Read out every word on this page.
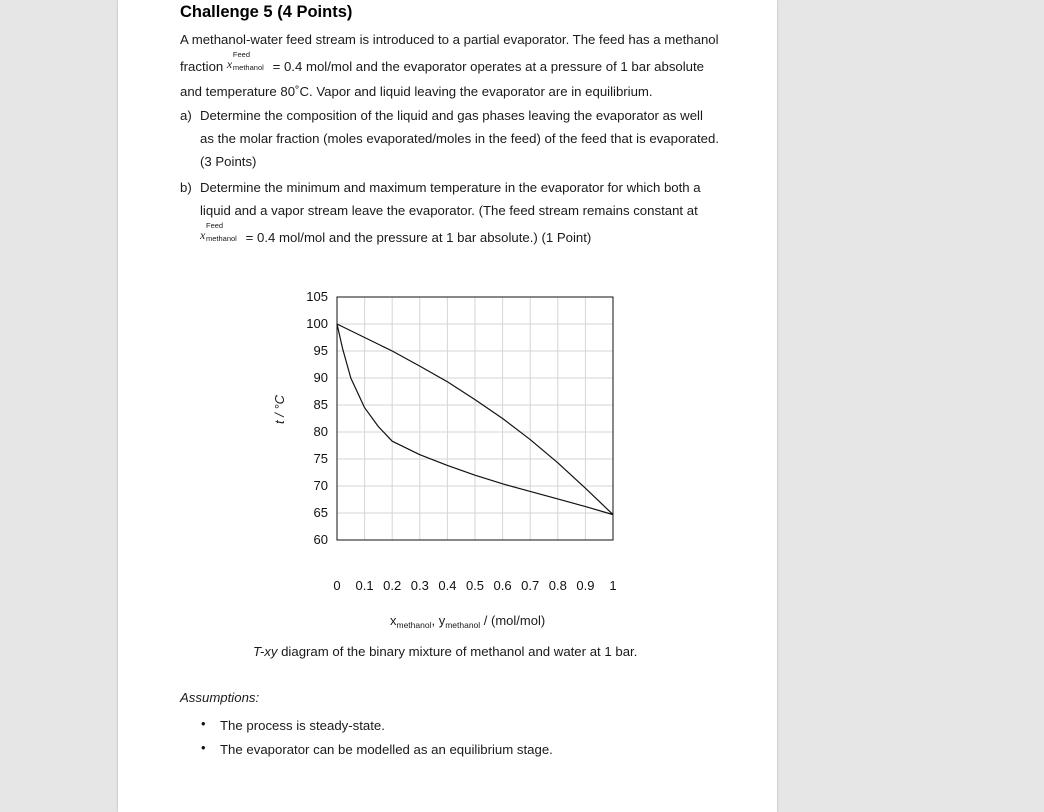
Challenge 5 (4 Points)
A methanol-water feed stream is introduced to a partial evaporator. The feed has a methanol
fraction x
Feed
methanol = 0.4 mol/mol and the evaporator operates at a pressure of 1 bar absolute
and temperature 80˚C. Vapor and liquid leaving the evaporator are in equilibrium.
a) Determine the composition of the liquid and gas phases leaving the evaporator as well
as the molar fraction (moles evaporated/moles in the feed) of the feed that is evaporated.
(3 Points)
b) Determine the minimum and maximum temperature in the evaporator for which both a
liquid and a vapor stream leave the evaporator. (The feed stream remains constant at
x
Feed
methanol = 0.4 mol/mol and the pressure at 1 bar absolute.) (1 Point)
105
100
95
90
85
80
75
70
65
60
0 0.1 0.2 0.3 0.4 0.5 0.6 0.7 0.8 0.9 1
t / °C
$x_{methanol}$, $y_{methanol} / (mol/mol)$
T-xy diagram of the binary mixture of methanol and water at 1 bar.
Assumptions:
• The process is steady-state.
• The evaporator can be modelled as an equilibrium stage.
